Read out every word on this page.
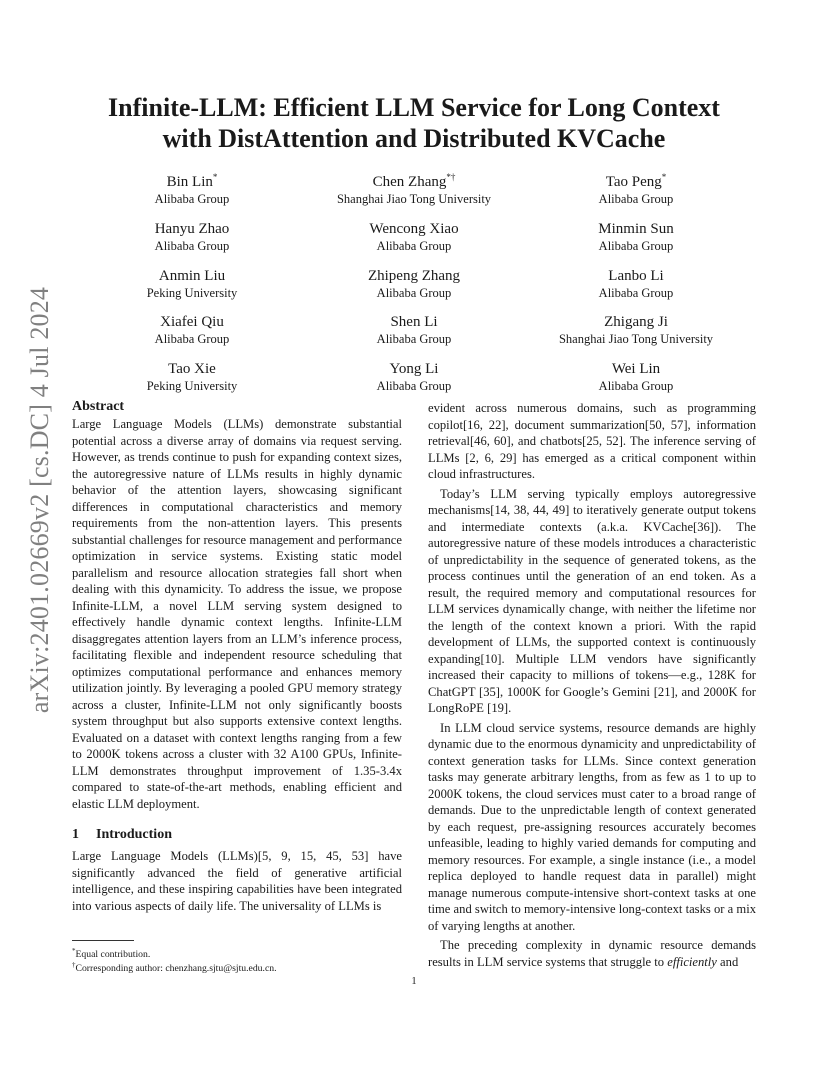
arXiv:2401.02669v2 [cs.DC] 4 Jul 2024
Infinite-LLM: Efficient LLM Service for Long Context
with DistAttention and Distributed KVCache
Bin Lin*
Alibaba Group
Chen Zhang*†
Shanghai Jiao Tong University
Tao Peng*
Alibaba Group
Hanyu Zhao
Alibaba Group
Wencong Xiao
Alibaba Group
Minmin Sun
Alibaba Group
Anmin Liu
Peking University
Zhipeng Zhang
Alibaba Group
Lanbo Li
Alibaba Group
Xiafei Qiu
Alibaba Group
Shen Li
Alibaba Group
Zhigang Ji
Shanghai Jiao Tong University
Tao Xie
Peking University
Yong Li
Alibaba Group
Wei Lin
Alibaba Group
Abstract

Large Language Models (LLMs) demonstrate substantial potential across a diverse array of domains via request serving. However, as trends continue to push for expanding context sizes, the autoregressive nature of LLMs results in highly dynamic behavior of the attention layers, showcasing significant differences in computational characteristics and memory requirements from the non-attention layers. This presents substantial challenges for resource management and performance optimization in service systems. Existing static model parallelism and resource allocation strategies fall short when dealing with this dynamicity. To address the issue, we propose Infinite-LLM, a novel LLM serving system designed to effectively handle dynamic context lengths. Infinite-LLM disaggregates attention layers from an LLM’s inference process, facilitating flexible and independent resource scheduling that optimizes computational performance and enhances memory utilization jointly. By leveraging a pooled GPU memory strategy across a cluster, Infinite-LLM not only significantly boosts system throughput but also supports extensive context lengths. Evaluated on a dataset with context lengths ranging from a few to 2000K tokens across a cluster with 32 A100 GPUs, Infinite-LLM demonstrates throughput improvement of 1.35-3.4x compared to state-of-the-art methods, enabling efficient and elastic LLM deployment.

1 Introduction

Large Language Models (LLMs)[5, 9, 15, 45, 53] have significantly advanced the field of generative artificial intelligence, and these inspiring capabilities have been integrated into various aspects of daily life. The universality of LLMs is

evident across numerous domains, such as programming copilot[16, 22], document summarization[50, 57], information retrieval[46, 60], and chatbots[25, 52]. The inference serving of LLMs [2, 6, 29] has emerged as a critical component within cloud infrastructures.

Today’s LLM serving typically employs autoregressive mechanisms[14, 38, 44, 49] to iteratively generate output tokens and intermediate contexts (a.k.a. KVCache[36]). The autoregressive nature of these models introduces a characteristic of unpredictability in the sequence of generated tokens, as the process continues until the generation of an end token. As a result, the required memory and computational resources for LLM services dynamically change, with neither the lifetime nor the length of the context known a priori. With the rapid development of LLMs, the supported context is continuously expanding[10]. Multiple LLM vendors have significantly increased their capacity to millions of tokens—e.g., 128K for ChatGPT [35], 1000K for Google’s Gemini [21], and 2000K for LongRoPE [19].

In LLM cloud service systems, resource demands are highly dynamic due to the enormous dynamicity and unpredictability of context generation tasks for LLMs. Since context generation tasks may generate arbitrary lengths, from as few as 1 to up to 2000K tokens, the cloud services must cater to a broad range of demands. Due to the unpredictable length of context generated by each request, pre-assigning resources accurately becomes unfeasible, leading to highly varied demands for computing and memory resources. For example, a single instance (i.e., a model replica deployed to handle request data in parallel) might manage numerous compute-intensive short-context tasks at one time and switch to memory-intensive long-context tasks or a mix of varying lengths at another.

The preceding complexity in dynamic resource demands results in LLM service systems that struggle to efficiently and

*Equal contribution.
†Corresponding author: chenzhang.sjtu@sjtu.edu.cn.
1
